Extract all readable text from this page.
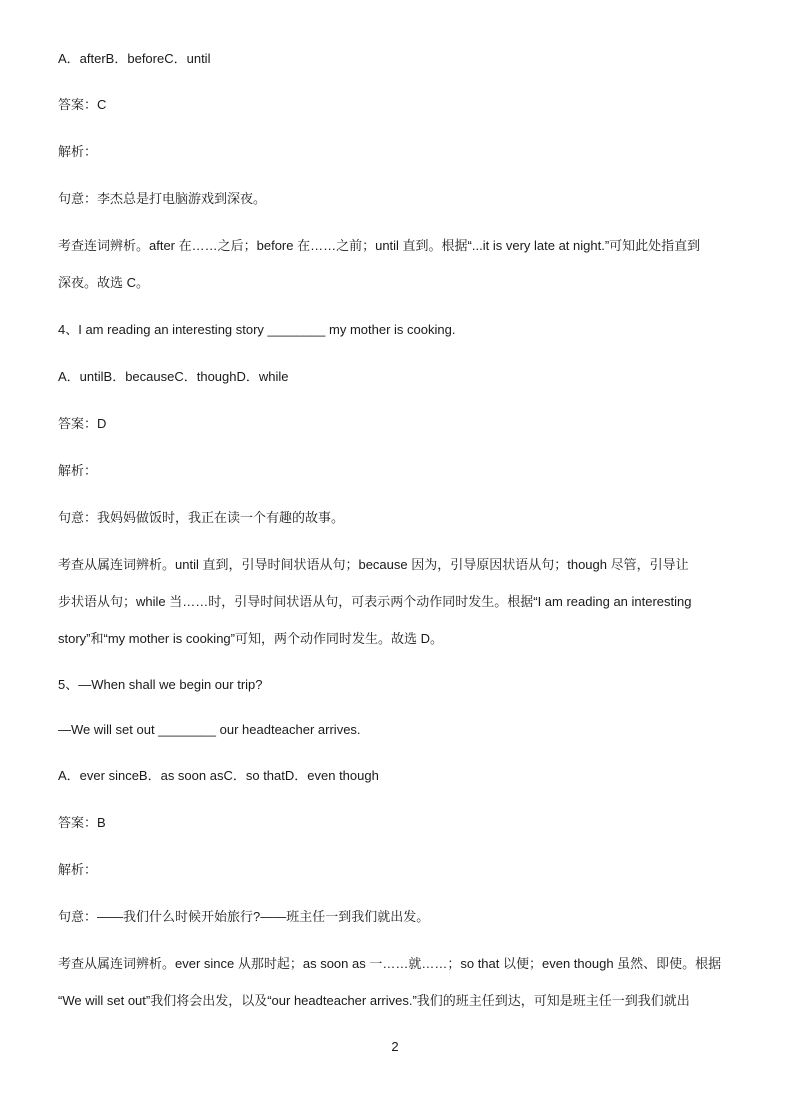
A．afterB．beforeC．until
答案：C
解析：
句意：李杰总是打电脑游戏到深夜。
考查连词辨析。after 在……之后；before 在……之前；until 直到。根据“...it is very late at night.”可知此处指直到
深夜。故选 C。
4、I am reading an interesting story ________ my mother is cooking.
A．untilB．becauseC．thoughD．while
答案：D
解析：
句意：我妈妈做饭时，我正在读一个有趣的故事。
考查从属连词辨析。until 直到，引导时间状语从句；because 因为，引导原因状语从句；though 尽管，引导让
步状语从句；while 当……时，引导时间状语从句，可表示两个动作同时发生。根据“I am reading an interesting
story”和“my mother is cooking”可知，两个动作同时发生。故选 D。
5、—When shall we begin our trip?
—We will set out ________ our headteacher arrives.
A．ever sinceB．as soon asC．so thatD．even though
答案：B
解析：
句意：——我们什么时候开始旅行?——班主任一到我们就出发。
考查从属连词辨析。ever since 从那时起；as soon as 一……就……；so that 以便；even though 虽然、即使。根据
“We will set out”我们将会出发，以及“our headteacher arrives.”我们的班主任到达，可知是班主任一到我们就出
2
